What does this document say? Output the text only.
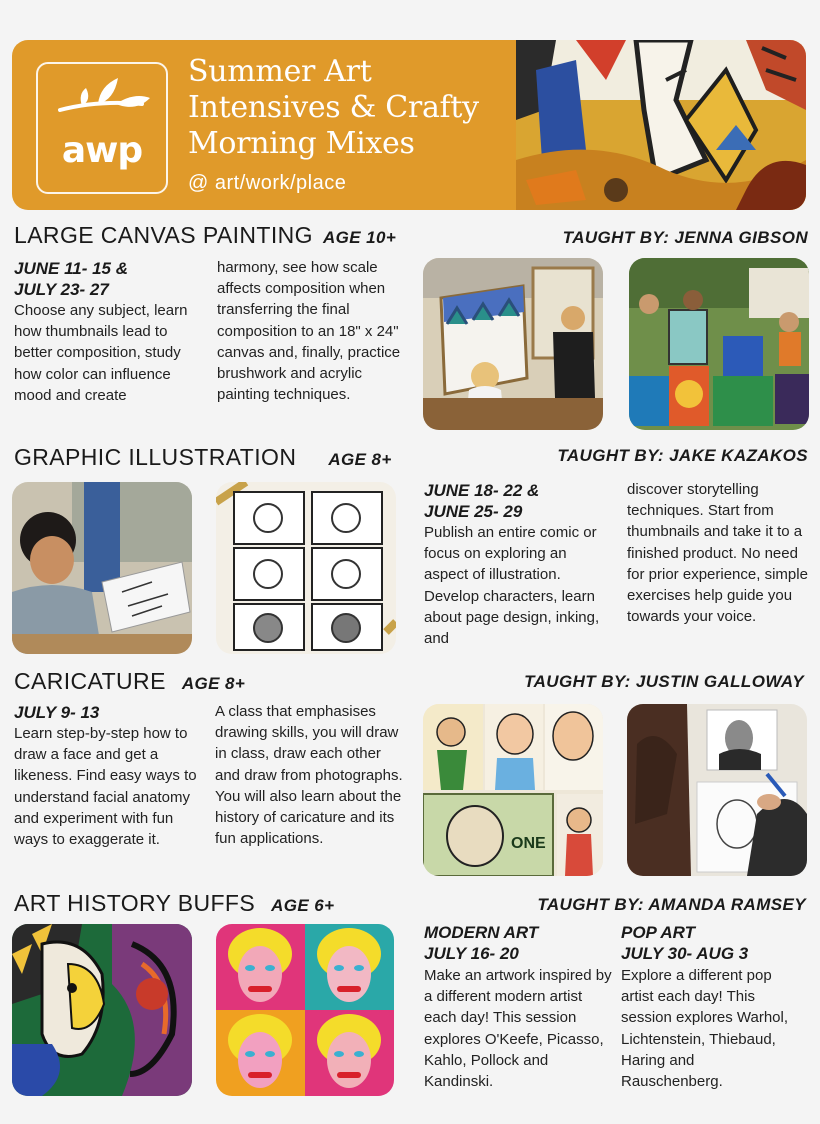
awp
Summer Art
Intensives & Crafty
Morning Mixes
@ art/work/place
LARGE CANVAS PAINTING AGE 10+	TAUGHT BY: JENNA GIBSON
JUNE 11- 15 &
JULY 23- 27
Choose any subject, learn how thumbnails lead to better composition, study how color can influence mood and create
harmony, see how scale affects composition when transferring the final composition to an 18" x 24" canvas and, finally, practice brushwork and acrylic painting techniques.
GRAPHIC ILLUSTRATION AGE 8+	TAUGHT BY: JAKE KAZAKOS
JUNE 18- 22 &
JUNE 25- 29
Publish an entire comic or focus on exploring an aspect of illustration. Develop characters, learn about page design, inking, and
discover storytelling techniques. Start from thumbnails and take it to a finished product. No need for prior experience, simple exercises help guide you towards your voice.
CARICATURE AGE 8+	TAUGHT BY: JUSTIN GALLOWAY
JULY 9- 13
Learn step-by-step how to draw a face and get a likeness. Find easy ways to understand facial anatomy and experiment with fun ways to exaggerate it.
A class that emphasises drawing skills, you will draw in class, draw each other and draw from photographs. You will also learn about the history of caricature and its fun applications.	ONE
ART HISTORY BUFFS AGE 6+	TAUGHT BY: AMANDA RAMSEY
MODERN ART
JULY 16- 20
Make an artwork inspired by a different modern artist each day! This session explores O'Keefe, Picasso, Kahlo, Pollock and Kandinski.
POP ART
JULY 30- AUG 3
Explore a different pop artist each day! This session explores Warhol, Lichtenstein, Thiebaud, Haring and Rauschenberg.
